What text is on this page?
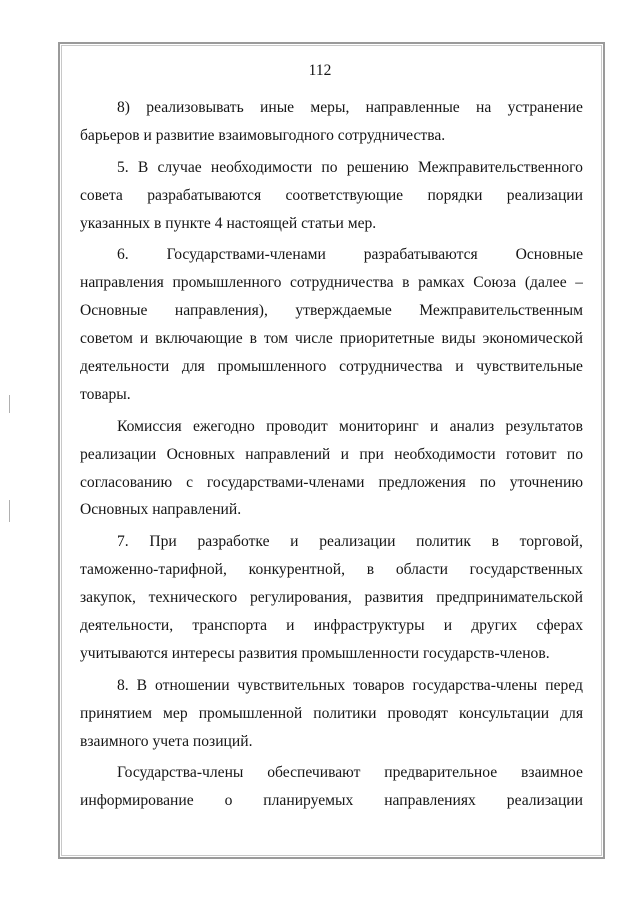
112
8) реализовывать иные меры, направленные на устранение
барьеров и развитие взаимовыгодного сотрудничества.
5. В случае необходимости по решению Межправительственного
совета разрабатываются соответствующие порядки реализации
указанных в пункте 4 настоящей статьи мер.
6. Государствами-членами разрабатываются Основные
направления промышленного сотрудничества в рамках Союза (далее –
Основные направления), утверждаемые Межправительственным
советом и включающие в том числе приоритетные виды экономической
деятельности для промышленного сотрудничества и чувствительные
товары.
Комиссия ежегодно проводит мониторинг и анализ результатов
реализации Основных направлений и при необходимости готовит по
согласованию с государствами-членами предложения по уточнению
Основных направлений.
7. При разработке и реализации политик в торговой,
таможенно-тарифной, конкурентной, в области государственных
закупок, технического регулирования, развития предпринимательской
деятельности, транспорта и инфраструктуры и других сферах
учитываются интересы развития промышленности государств-членов.
8. В отношении чувствительных товаров государства-члены перед
принятием мер промышленной политики проводят консультации для
взаимного учета позиций.
Государства-члены обеспечивают предварительное взаимное
информирование о планируемых направлениях реализации
